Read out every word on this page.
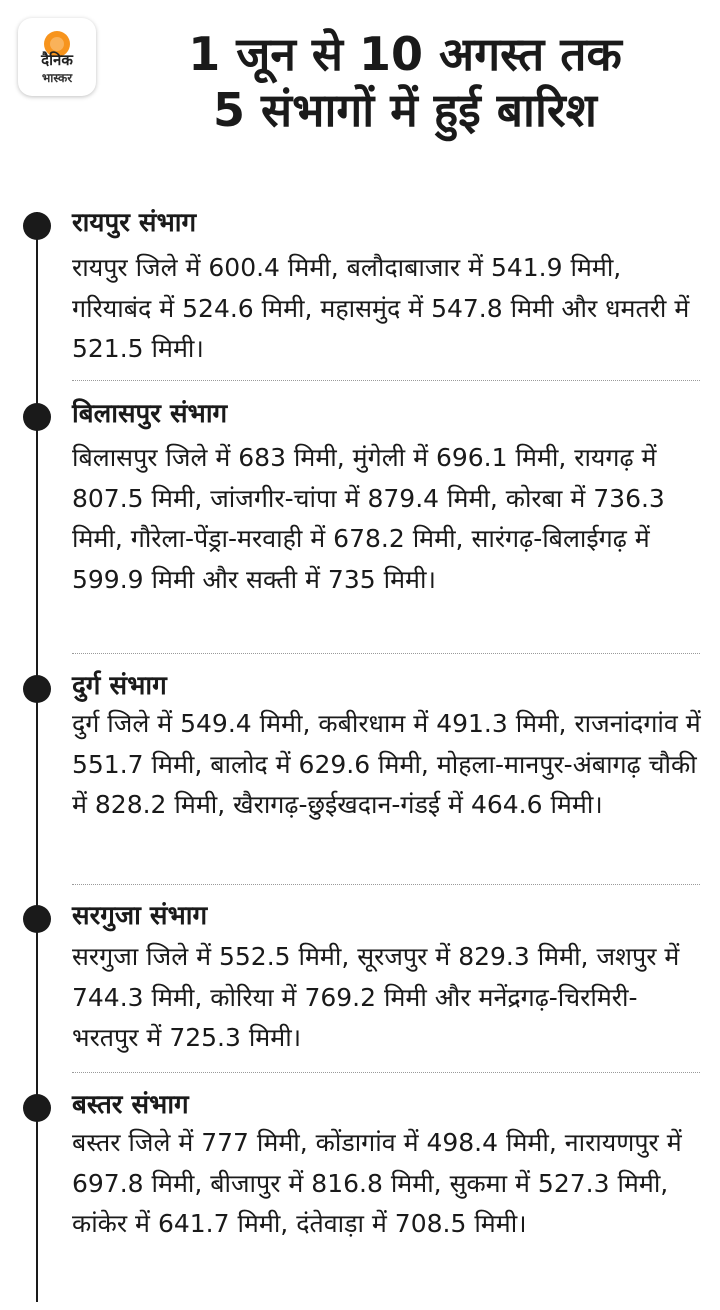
दैनिक
भास्कर	1 जून से 10 अगस्त तक
5 संभागों में हुई बारिश
रायपुर संभाग

रायपुर जिले में 600.4 मिमी, बलौदाबाजार में 541.9 मिमी, गरियाबंद में 524.6 मिमी, महासमुंद में 547.8 मिमी और धमतरी में 521.5 मिमी।

बिलासपुर संभाग

बिलासपुर जिले में 683 मिमी, मुंगेली में 696.1 मिमी, रायगढ़ में 807.5 मिमी, जांजगीर-चांपा में 879.4 मिमी, कोरबा में 736.3 मिमी, गौरेला-पेंड्रा-मरवाही में 678.2 मिमी, सारंगढ़-बिलाईगढ़ में 599.9 मिमी और सक्ती में 735 मिमी।

दुर्ग संभाग

दुर्ग जिले में 549.4 मिमी, कबीरधाम में 491.3 मिमी, राजनांदगांव में 551.7 मिमी, बालोद में 629.6 मिमी, मोहला-मानपुर-अंबागढ़ चौकी में 828.2 मिमी, खैरागढ़-छुईखदान-गंडई में 464.6 मिमी।

सरगुजा संभाग

सरगुजा जिले में 552.5 मिमी, सूरजपुर में 829.3 मिमी, जशपुर में 744.3 मिमी, कोरिया में 769.2 मिमी और मनेंद्रगढ़-चिरमिरी-भरतपुर में 725.3 मिमी।

बस्तर संभाग

बस्तर जिले में 777 मिमी, कोंडागांव में 498.4 मिमी, नारायणपुर में 697.8 मिमी, बीजापुर में 816.8 मिमी, सुकमा में 527.3 मिमी, कांकेर में 641.7 मिमी, दंतेवाड़ा में 708.5 मिमी।
